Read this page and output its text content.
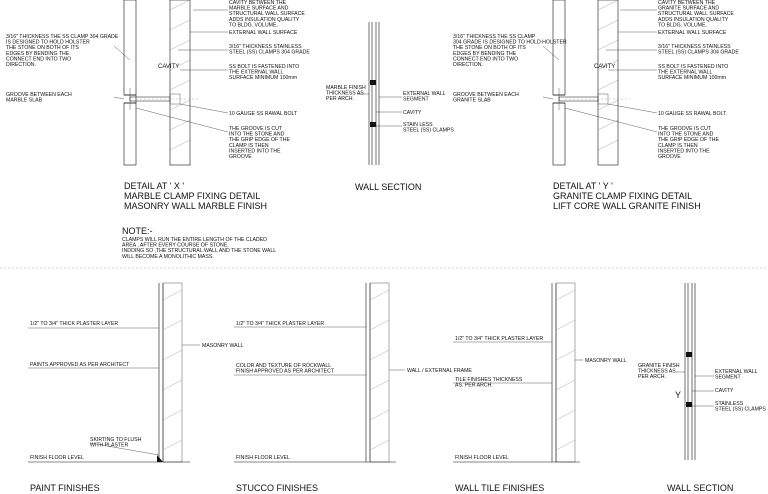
CAVITY
3/16" THICKNESS THE SS CLAMP 304 GRADE IS DESIGNED TO HOLD HOLSTER THE STONE ON BOTH OF ITS EDGES BY BENDING THE CONNECT END INTO TWO DIRECTION.
GROOVE BETWEEN EACH MARBLE SLAB
CAVITY BETWEEN THE MARBLE SURFACE AND STRUCTURAL WALL SURFACE ADDS INSULATION QUALITY TO BLDG. VOLUME.
EXTERNAL WALL SURFACE
3/16" THICKNESS STAINLESS STEEL (SS) CLAMPS 304 GRADE
SS BOLT IS FASTENED INTO THE EXTERNAL WALL SURFACE MINIMUM 100mm
10 GAUGE SS RAWAL BOLT
THE GROOVE IS CUT INTO THE STONE AND THE GRIP EDGE OF THE CLAMP IS THEN INSERTED INTO THE GROOVE
DETAIL AT ' X ' MARBLE CLAMP FIXING DETAIL MASONRY WALL MARBLE FINISH
MARBLE FINISH THICKNESS AS PER ARCH.
EXTERNAL WALL SEGMENT
CAVITY
STAIN LESS STEEL (SS) CLAMPS
WALL SECTION
CAVITY
3/16" THICKNESS THE SS CLAMP 304 GRADE IS DESIGNED TO HOLD HOLSTER THE STONE ON BOTH OF ITS EDGES BY BENDING THE CONNECT END INTO TWO DIRECTION.
GROOVE BETWEEN EACH GRANITE SLAB
CAVITY BETWEEN THE GRANITE SURFACE AND STRUCTURAL WALL SURFACE ADDS INSULATION QUALITY TO BLDG. VOLUME.
EXTERNAL WALL SURFACE
3/16" THICKNESS STAINLESS STEEL (SS) CLAMPS 304 GRADE
SS BOLT IS FASTENED INTO THE EXTERNAL WALL SURFACE MINIMUM 100mm
10 GAUGE SS RAWAL BOLT
THE GROOVE IS CUT INTO THE STONE AND THE GRIP EDGE OF THE CLAMP IS THEN INSERTED INTO THE GROOVE
DETAIL AT ' Y ' GRANITE CLAMP FIXING DETAIL LIFT CORE WALL GRANITE FINISH
NOTE:-
CLAMPS WILL RUN THE ENTIRE LENGTH OF THE CLADED AREA , AFTER EVERY COURSE OF STONE. INDOING SO ,THE STRUCTURAL WALL AND THE STONE WALL WILL BECOME A MONOLITHIC MASS.
1/2" TO 3/4" THICK PLASTER LAYER
MASONRY WALL
PAINTS APPROVED AS PER ARCHITECT
SKIRTING TO FLUSH WITH PLASTER
FINISH FLOOR LEVEL
PAINT FINISHES
1/2" TO 3/4" THICK PLASTER LAYER
COLOR AND TEXTURE OF ROCKWALL FINISH APPROVED AS PER ARCHITECT	WALL / EXTERNAL FRAME
FINISH FLOOR LEVEL
STUCCO FINISHES
1/2" TO 3/4" THICK PLASTER LAYER
MASONRY WALL
TILE FINISHES THICKNESS AS. PER ARCH.
FINISH FLOOR LEVEL
WALL TILE FINISHES
GRANITE FINISH THICKNESS AS PER ARCH.
Y
EXTERNAL WALL SEGMENT
CAVITY
STAINLESS STEEL (SS) CLAMPS
WALL SECTION
